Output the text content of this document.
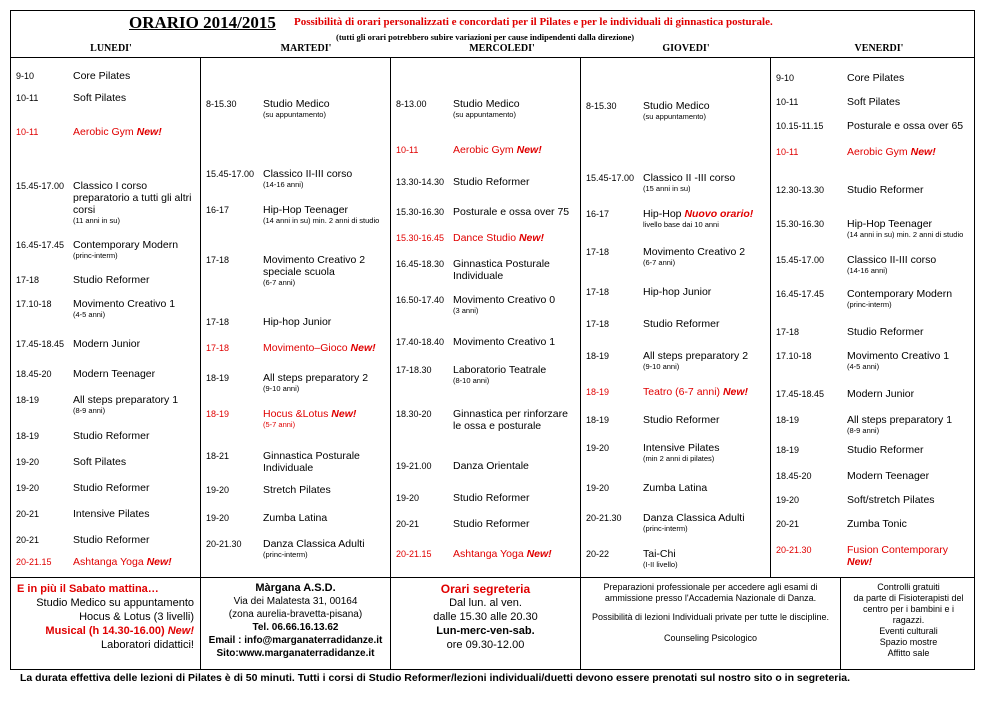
ORARIO 2014/2015 Possibilità di orari personalizzati e concordati per il Pilates e per le individuali di ginnastica posturale.
(tutti gli orari potrebbero subire variazioni per cause indipendenti dalla direzione)
LUNEDI'	MARTEDI'	MERCOLEDI'	GIOVEDI'	VENERDI'
9-10	Core Pilates
10-11	Soft Pilates
10-11	Aerobic Gym New!
15.45-17.00 Classico I corso preparatorio a tutti gli altri corsi
(11 anni in su)
16.45-17.45 Contemporary Modern
(princ-interm)
17-18	Studio Reformer
17.10-18 Movimento Creativo 1
(4-5 anni)
17.45-18.45 Modern Junior
18.45-20 Modern Teenager
18-19	All steps preparatory 1
(8-9 anni)
18-19	Studio Reformer
19-20	Soft Pilates
19-20	Studio Reformer
20-21	Intensive Pilates
20-21	Studio Reformer
20-21.15 Ashtanga Yoga New!
8-15.30	Studio Medico
(su appuntamento)
15.45-17.00 Classico II-III corso
(14-16 anni)
16-17	Hip-Hop Teenager
(14 anni in su) min. 2 anni di studio
17-18	Movimento Creativo 2 speciale scuola
(6-7 anni)
17-18	Hip-hop Junior
17-18	Movimento–Gioco New!
18-19	All steps preparatory 2
(9-10 anni)
18-19	Hocus &Lotus New!
(5-7 anni)
18-21	Ginnastica Posturale Individuale
19-20	Stretch Pilates
19-20	Zumba Latina
20-21.30 Danza Classica Adulti
(princ-interm)
8-13.00	Studio Medico
(su appuntamento)
10-11	Aerobic Gym New!
13.30-14.30 Studio Reformer
15.30-16.30 Posturale e ossa over 75
15.30-16.45 Dance Studio New!
16.45-18.30 Ginnastica Posturale Individuale
16.50-17.40 Movimento Creativo 0
(3 anni)
17.40-18.40 Movimento Creativo 1
17-18.30 Laboratorio Teatrale
(8-10 anni)
18.30-20 Ginnastica per rinforzare le ossa e posturale
19-21.00 Danza Orientale
19-20	Studio Reformer
20-21	Studio Reformer
20-21.15 Ashtanga Yoga New!
8-15.30	Studio Medico
(su appuntamento)
15.45-17.00 Classico II -III corso
(15 anni in su)
16-17	Hip-Hop Nuovo orario!
livello base dai 10 anni
17-18	Movimento Creativo 2
(6-7 anni)
17-18	Hip-hop Junior
17-18	Studio Reformer
18-19	All steps preparatory 2
(9-10 anni)
18-19	Teatro (6-7 anni) New!
18-19	Studio Reformer
19-20	Intensive Pilates
(min 2 anni di pilates)
19-20	Zumba Latina
20-21.30 Danza Classica Adulti
(princ-interm)
20-22	Tai-Chi
(I-II livello)
9-10	Core Pilates
10-11	Soft Pilates
10.15-11.15 Posturale e ossa over 65
10-11	Aerobic Gym New!
12.30-13.30 Studio Reformer
15.30-16.30 Hip-Hop Teenager
(14 anni in su) min. 2 anni di studio
15.45-17.00 Classico II-III corso
(14-16 anni)
16.45-17.45 Contemporary Modern
(princ-interm)
17-18	Studio Reformer
17.10-18	Movimento Creativo 1
(4-5 anni)
17.45-18.45 Modern Junior
18-19	All steps preparatory 1
(8-9 anni)
18-19	Studio Reformer
18.45-20	Modern Teenager
19-20	Soft/stretch Pilates
20-21	Zumba Tonic
20-21.30	Fusion Contemporary New!
E in più il Sabato mattina…
Studio Medico su appuntamento
Hocus & Lotus (3 livelli)
Musical (h 14.30-16.00) New!
Laboratori didattici!
Màrgana A.S.D.
Via dei Malatesta 31, 00164
(zona aurelia-bravetta-pisana)
Tel. 06.66.16.13.62
Email : info@marganaterradidanze.it
Sito:www.marganaterradidanze.it
Orari segreteria
Dal lun. al ven.
dalle 15.30 alle 20.30
Lun-merc-ven-sab.
ore 09.30-12.00
Preparazioni professionale per accedere agli esami di ammissione presso l'Accademia Nazionale di Danza.
Possibilità di lezioni Individuali private per tutte le discipline.
Counseling Psicologico
Controlli gratuiti
da parte di Fisioterapisti del centro per i bambini e i ragazzi.
Eventi culturali
Spazio mostre
Affitto sale
La durata effettiva delle lezioni di Pilates è di 50 minuti. Tutti i corsi di Studio Reformer/lezioni individuali/duetti devono essere prenotati sul nostro sito o in segreteria.
